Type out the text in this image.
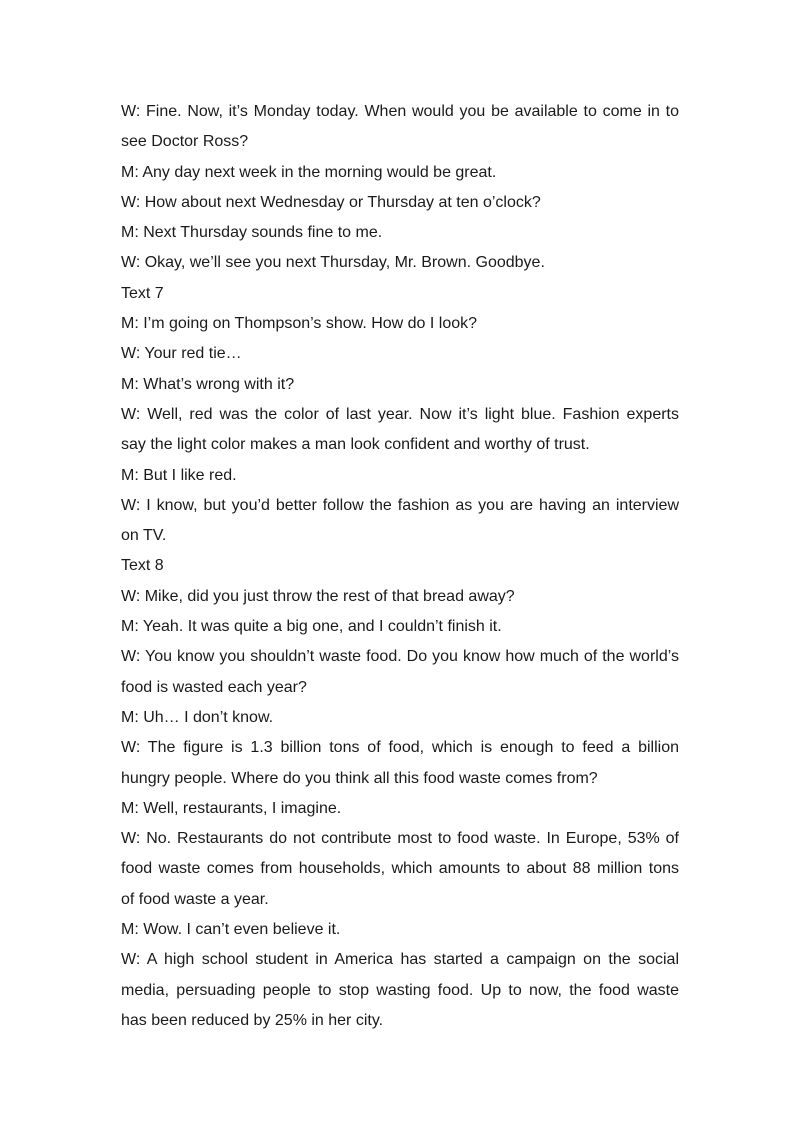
W: Fine. Now, it’s Monday today. When would you be available to come in to
see Doctor Ross?
M: Any day next week in the morning would be great.
W: How about next Wednesday or Thursday at ten o’clock?
M: Next Thursday sounds fine to me.
W: Okay, we’ll see you next Thursday, Mr. Brown. Goodbye.
Text 7
M: I’m going on Thompson’s show. How do I look?
W: Your red tie…
M: What’s wrong with it?
W: Well, red was the color of last year. Now it’s light blue. Fashion experts
say the light color makes a man look confident and worthy of trust.
M: But I like red.
W: I know, but you’d better follow the fashion as you are having an interview
on TV.
Text 8
W: Mike, did you just throw the rest of that bread away?
M: Yeah. It was quite a big one, and I couldn’t finish it.
W: You know you shouldn’t waste food. Do you know how much of the world’s
food is wasted each year?
M: Uh… I don’t know.
W: The figure is 1.3 billion tons of food, which is enough to feed a billion
hungry people. Where do you think all this food waste comes from?
M: Well, restaurants, I imagine.
W: No. Restaurants do not contribute most to food waste. In Europe, 53% of
food waste comes from households, which amounts to about 88 million tons
of food waste a year.
M: Wow. I can’t even believe it.
W: A high school student in America has started a campaign on the social
media, persuading people to stop wasting food. Up to now, the food waste
has been reduced by 25% in her city.
